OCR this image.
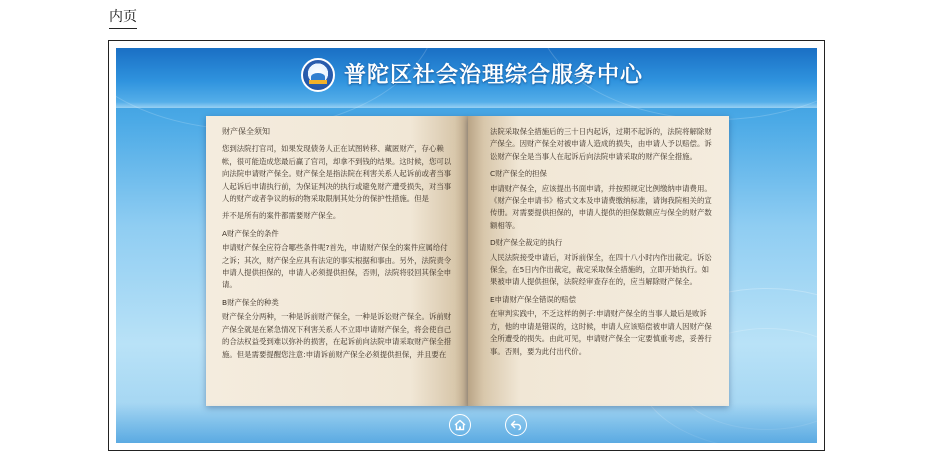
内页
普陀区社会治理综合服务中心
财产保全须知

您到法院打官司，如果发现债务人正在试图转移、藏匿财产，存心赖帐，很可能造成您最后赢了官司，却拿不到钱的结果。这时候，您可以向法院申请财产保全。财产保全是指法院在利害关系人起诉前或者当事人起诉后申请执行前，为保证判决的执行或避免财产遭受损失，对当事人的财产或者争议的标的物采取限制其处分的保护性措施。但是

并不是所有的案件都需要财产保全。

A财产保全的条件

申请财产保全应符合哪些条件呢?首先，申请财产保全的案件应属给付之诉；其次，财产保全应具有法定的事实根据和事由。另外，法院责令申请人提供担保的，申请人必须提供担保，否则，法院将驳回其保全申请。

B财产保全的种类

财产保全分两种，一种是诉前财产保全，一种是诉讼财产保全。诉前财产保全就是在紧急情况下利害关系人不立即申请财产保全，将会使自己的合法权益受到难以弥补的损害，在起诉前向法院申请采取财产保全措施。但是需要提醒您注意:申请诉前财产保全必须提供担保，并且要在

法院采取保全措施后的三十日内起诉，过期不起诉的，法院将解除财产保全。因财产保全对被申请人造成的损失，由申请人予以赔偿。诉讼财产保全是当事人在起诉后向法院申请采取的财产保全措施。

C财产保全的担保

申请财产保全，应该提出书面申请，并按照规定比例缴纳申请费用。《财产保全申请书》格式文本及申请费缴纳标准，请询我院相关的宣传册。对需要提供担保的，申请人提供的担保数额应与保全的财产数额相等。

D财产保全裁定的执行

人民法院接受申请后，对诉前保全，在四十八小时内作出裁定。诉讼保全，在5日内作出裁定，裁定采取保全措施的，立即开始执行。如果被申请人提供担保，法院经审查存在的，应当解除财产保全。

E申请财产保全错误的赔偿

在审判实践中，不乏这样的例子:申请财产保全的当事人最后是败诉方，他的申请是错误的，这时候，申请人应该赔偿被申请人因财产保全所遭受的损失。由此可见，申请财产保全一定要慎重考虑，妥善行事。否则，要为此付出代价。
